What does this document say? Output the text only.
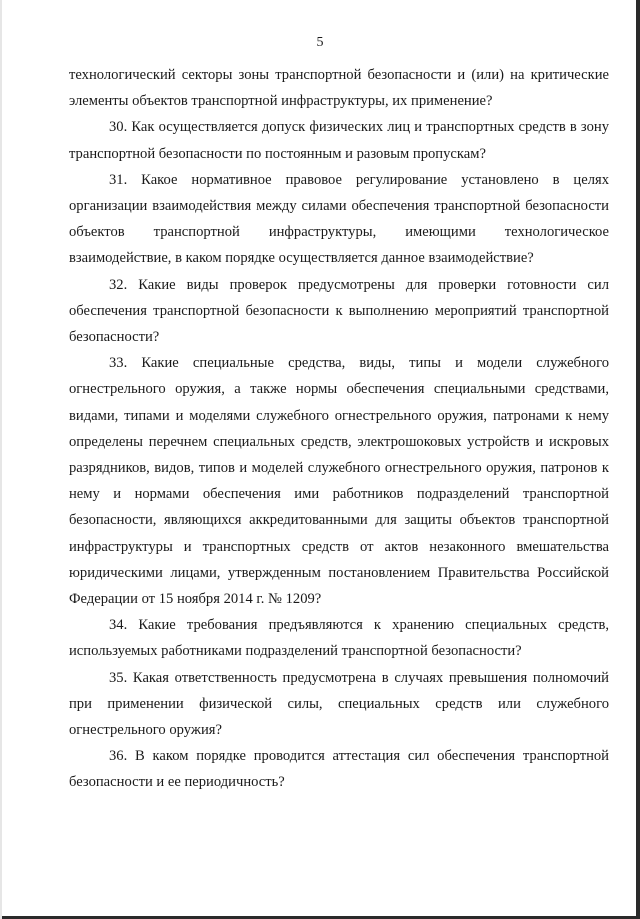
5

технологический секторы зоны транспортной безопасности и (или) на критические элементы объектов транспортной инфраструктуры, их применение?

30. Как осуществляется допуск физических лиц и транспортных средств в зону транспортной безопасности по постоянным и разовым пропускам?

31. Какое нормативное правовое регулирование установлено в целях организации взаимодействия между силами обеспечения транспортной безопасности объектов транспортной инфраструктуры, имеющими технологическое взаимодействие, в каком порядке осуществляется данное взаимодействие?

32. Какие виды проверок предусмотрены для проверки готовности сил обеспечения транспортной безопасности к выполнению мероприятий транспортной безопасности?

33. Какие специальные средства, виды, типы и модели служебного огнестрельного оружия, а также нормы обеспечения специальными средствами, видами, типами и моделями служебного огнестрельного оружия, патронами к нему определены перечнем специальных средств, электрошоковых устройств и искровых разрядников, видов, типов и моделей служебного огнестрельного оружия, патронов к нему и нормами обеспечения ими работников подразделений транспортной безопасности, являющихся аккредитованными для защиты объектов транспортной инфраструктуры и транспортных средств от актов незаконного вмешательства юридическими лицами, утвержденным постановлением Правительства Российской Федерации от 15 ноября 2014 г. № 1209?

34. Какие требования предъявляются к хранению специальных средств, используемых работниками подразделений транспортной безопасности?

35. Какая ответственность предусмотрена в случаях превышения полномочий при применении физической силы, специальных средств или служебного огнестрельного оружия?

36. В каком порядке проводится аттестация сил обеспечения транспортной безопасности и ее периодичность?
